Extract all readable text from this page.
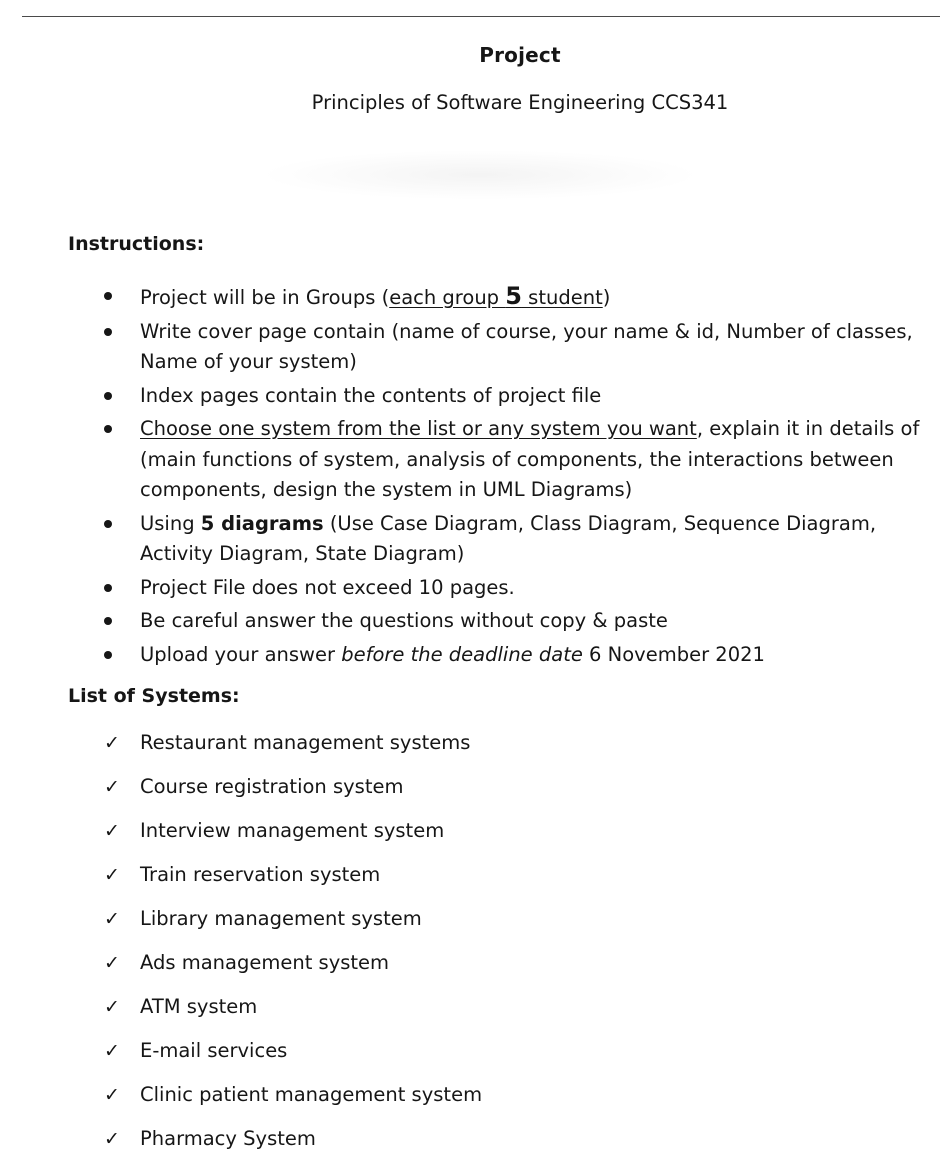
Project
Principles of Software Engineering CCS341
Instructions:
Project will be in Groups (each group 5 student)
Write cover page contain (name of course, your name & id, Number of classes, Name of your system)
Index pages contain the contents of project file
Choose one system from the list or any system you want, explain it in details of (main functions of system, analysis of components, the interactions between components, design the system in UML Diagrams)
Using 5 diagrams (Use Case Diagram, Class Diagram, Sequence Diagram, Activity Diagram, State Diagram)
Project File does not exceed 10 pages.
Be careful answer the questions without copy & paste
Upload your answer before the deadline date 6 November 2021
List of Systems:
✓ Restaurant management systems
✓ Course registration system
✓ Interview management system
✓ Train reservation system
✓ Library management system
✓ Ads management system
✓ ATM system
✓ E-mail services
✓ Clinic patient management system
✓ Pharmacy System
